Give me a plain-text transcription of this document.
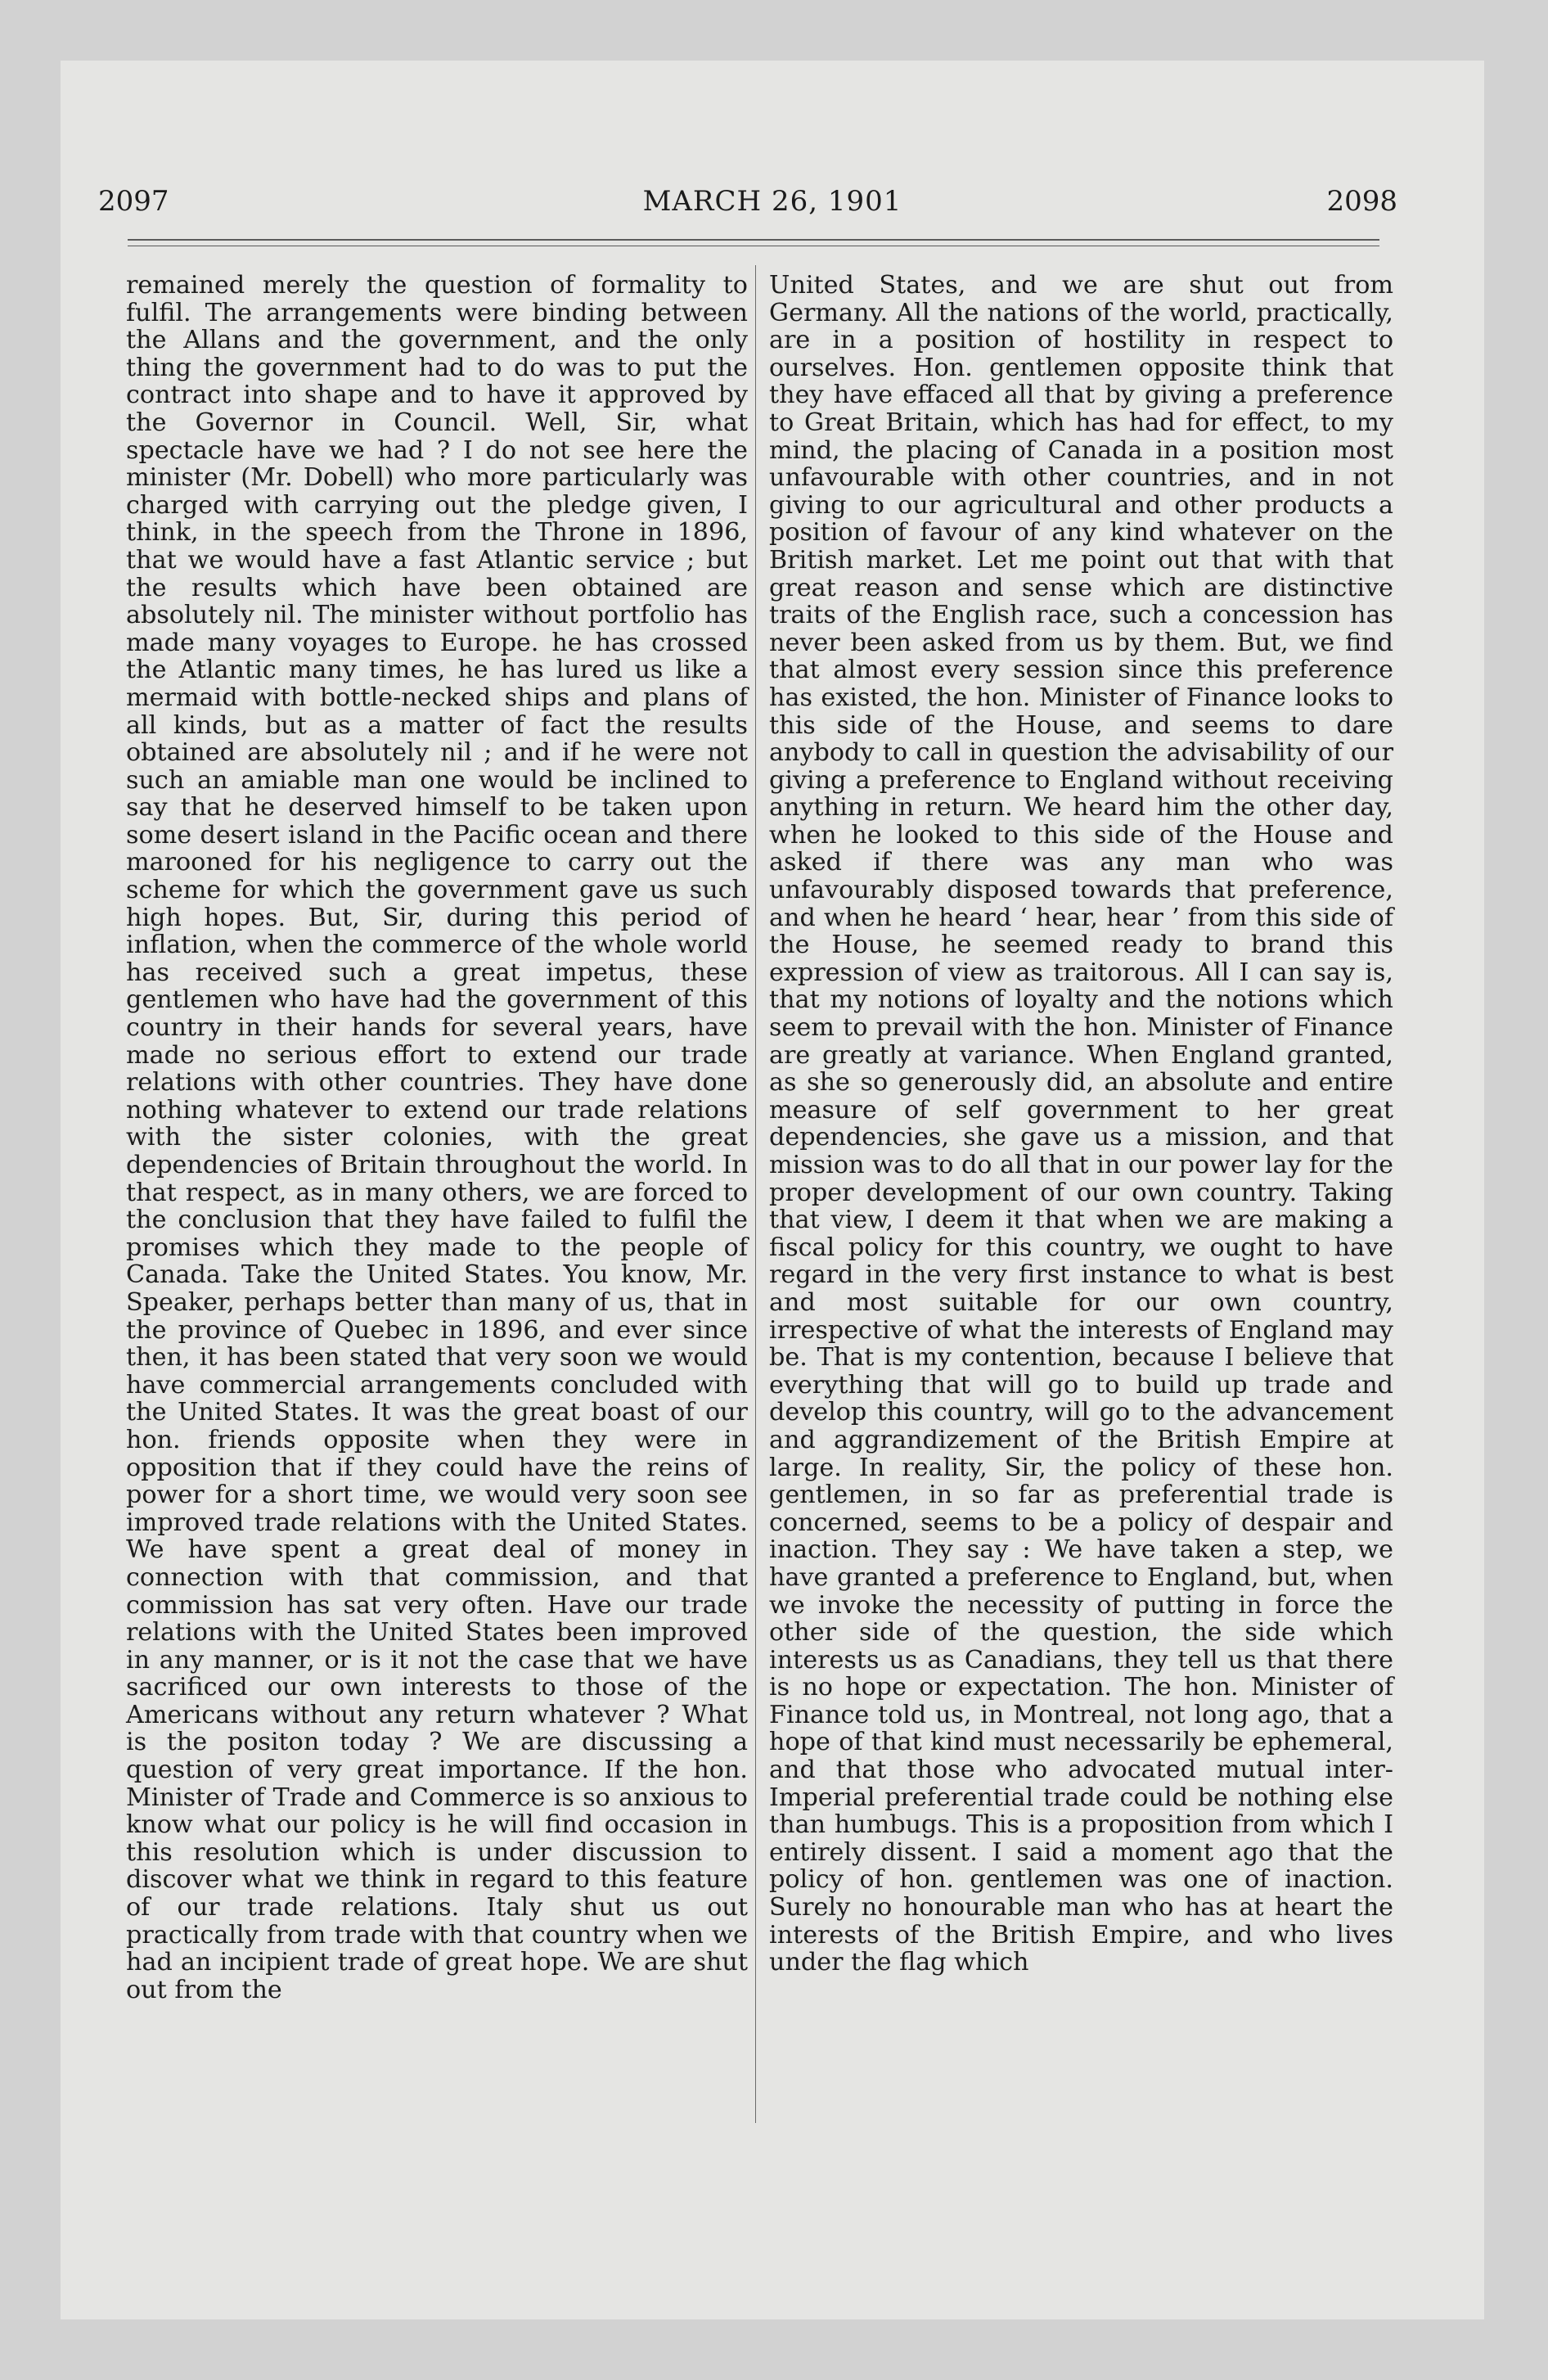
2097	MARCH 26, 1901	2098

remained merely the question of formality to fulfil. The arrangements were binding between the Allans and the government, and the only thing the government had to do was to put the contract into shape and to have it approved by the Governor in Council. Well, Sir, what spectacle have we had ? I do not see here the minister (Mr. Dobell) who more particularly was charged with carrying out the pledge given, I think, in the speech from the Throne in 1896, that we would have a fast Atlantic service ; but the results which have been obtained are absolutely nil. The minister without portfolio has made many voyages to Europe. he has crossed the Atlantic many times, he has lured us like a mermaid with bottle-necked ships and plans of all kinds, but as a matter of fact the results obtained are absolutely nil ; and if he were not such an amiable man one would be inclined to say that he deserved himself to be taken upon some desert island in the Pacific ocean and there marooned for his negligence to carry out the scheme for which the government gave us such high hopes. But, Sir, during this period of inflation, when the commerce of the whole world has received such a great impetus, these gentlemen who have had the government of this country in their hands for several years, have made no serious effort to extend our trade relations with other countries. They have done nothing whatever to extend our trade relations with the sister colonies, with the great dependencies of Britain throughout the world. In that respect, as in many others, we are forced to the conclusion that they have failed to fulfil the promises which they made to the people of Canada. Take the United States. You know, Mr. Speaker, perhaps better than many of us, that in the province of Quebec in 1896, and ever since then, it has been stated that very soon we would have commercial arrangements concluded with the United States. It was the great boast of our hon. friends opposite when they were in opposition that if they could have the reins of power for a short time, we would very soon see improved trade relations with the United States. We have spent a great deal of money in connection with that commission, and that commission has sat very often. Have our trade relations with the United States been improved in any manner, or is it not the case that we have sacrificed our own interests to those of the Americans without any return whatever ? What is the positon today ? We are discussing a question of very great importance. If the hon. Minister of Trade and Commerce is so anxious to know what our policy is he will find occasion in this resolution which is under discussion to discover what we think in regard to this feature of our trade relations. Italy shut us out practically from trade with that country when we had an incipient trade of great hope. We are shut out from the

United States, and we are shut out from Germany. All the nations of the world, practically, are in a position of hostility in respect to ourselves. Hon. gentlemen opposite think that they have effaced all that by giving a preference to Great Britain, which has had for effect, to my mind, the placing of Canada in a position most unfavourable with other countries, and in not giving to our agricultural and other products a position of favour of any kind whatever on the British market. Let me point out that with that great reason and sense which are distinctive traits of the English race, such a concession has never been asked from us by them. But, we find that almost every session since this preference has existed, the hon. Minister of Finance looks to this side of the House, and seems to dare anybody to call in question the advisability of our giving a preference to England without receiving anything in return. We heard him the other day, when he looked to this side of the House and asked if there was any man who was unfavourably disposed towards that preference, and when he heard ‘ hear, hear ’ from this side of the House, he seemed ready to brand this expression of view as traitorous. All I can say is, that my notions of loyalty and the notions which seem to prevail with the hon. Minister of Finance are greatly at variance. When England granted, as she so generously did, an absolute and entire measure of self government to her great dependencies, she gave us a mission, and that mission was to do all that in our power lay for the proper development of our own country. Taking that view, I deem it that when we are making a fiscal policy for this country, we ought to have regard in the very first instance to what is best and most suitable for our own country, irrespective of what the interests of England may be. That is my contention, because I believe that everything that will go to build up trade and develop this country, will go to the advancement and aggrandizement of the British Empire at large. In reality, Sir, the policy of these hon. gentlemen, in so far as preferential trade is concerned, seems to be a policy of despair and inaction. They say : We have taken a step, we have granted a preference to England, but, when we invoke the necessity of putting in force the other side of the question, the side which interests us as Canadians, they tell us that there is no hope or expectation. The hon. Minister of Finance told us, in Montreal, not long ago, that a hope of that kind must necessarily be ephemeral, and that those who advocated mutual inter-Imperial preferential trade could be nothing else than humbugs. This is a proposition from which I entirely dissent. I said a moment ago that the policy of hon. gentlemen was one of inaction. Surely no honourable man who has at heart the interests of the British Empire, and who lives under the flag which
